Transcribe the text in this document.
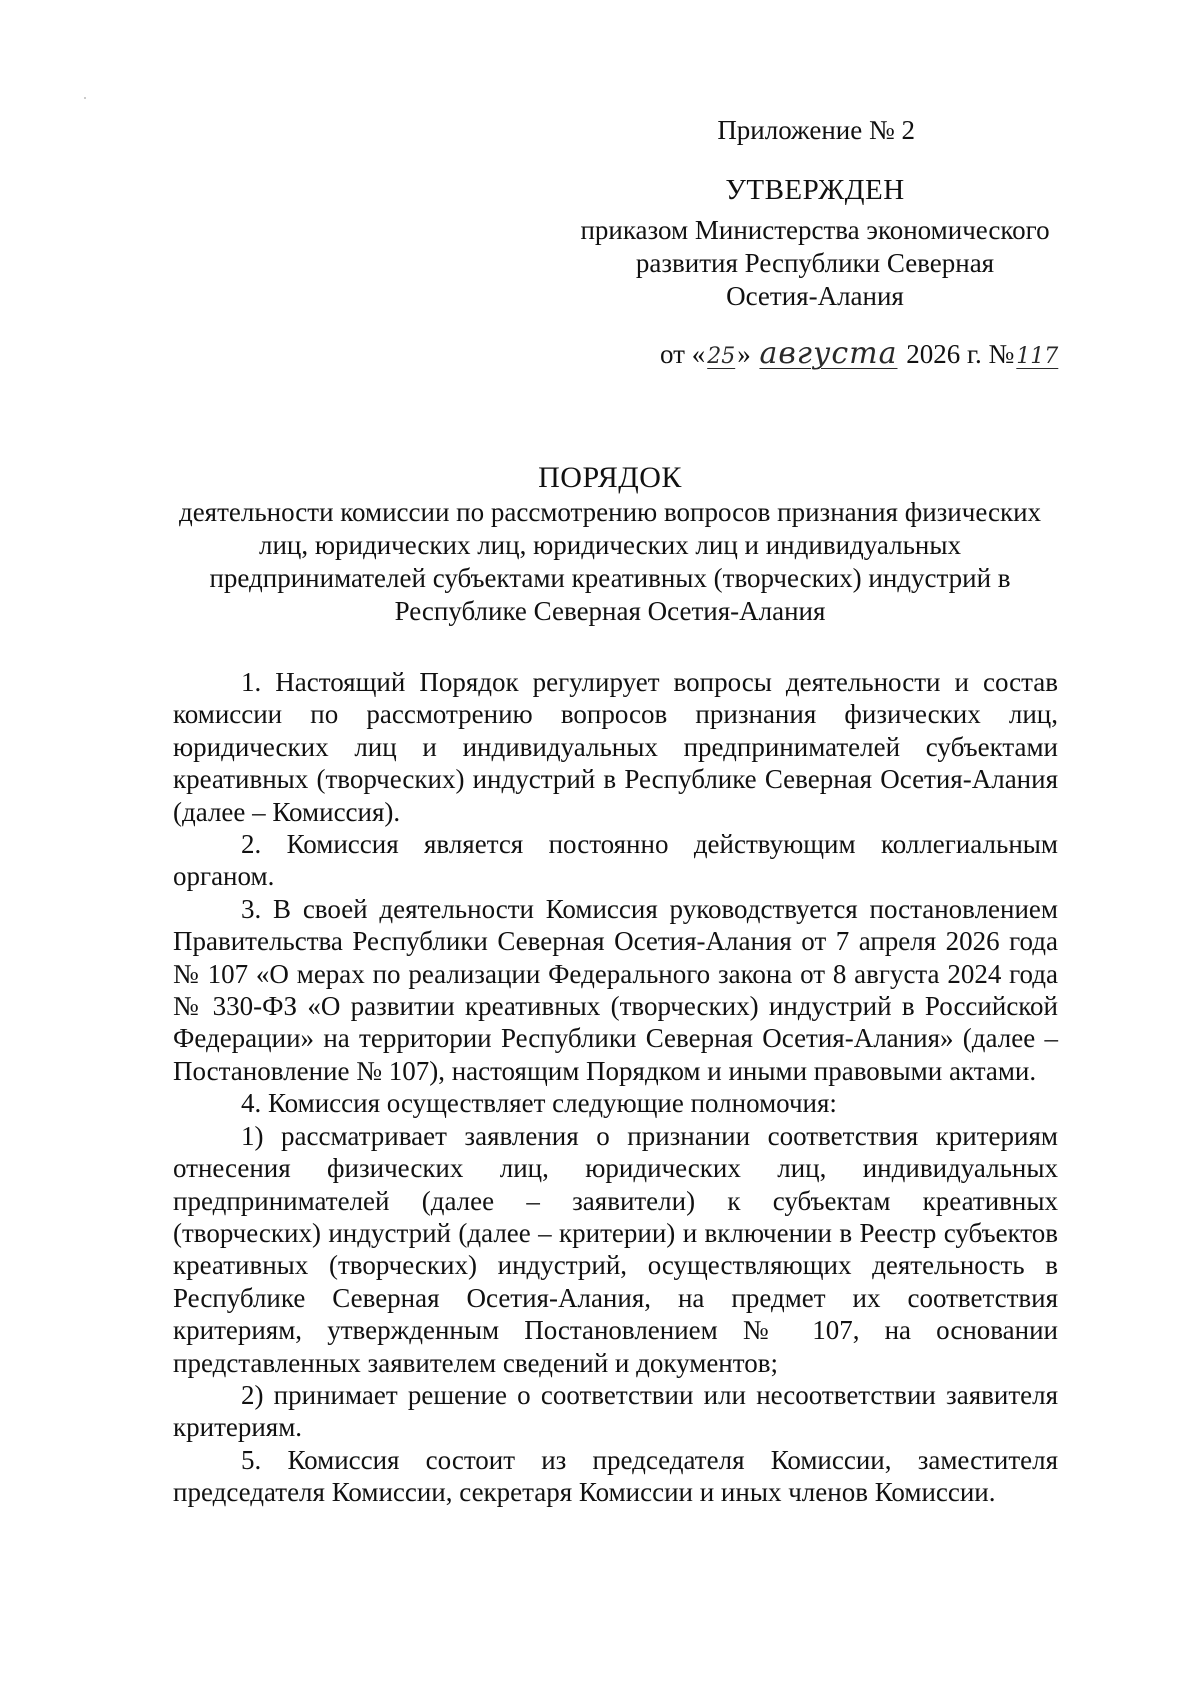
Приложение № 2
УТВЕРЖДЕН
приказом Министерства экономического
развития Республики Северная
Осетия-Алания
от «25» августа 2026 г. №117
ПОРЯДОК
деятельности комиссии по рассмотрению вопросов признания физических
лиц, юридических лиц, юридических лиц и индивидуальных
предпринимателей субъектами креативных (творческих) индустрий в
Республике Северная Осетия-Алания

1. Настоящий Порядок регулирует вопросы деятельности и состав комиссии по рассмотрению вопросов признания физических лиц, юридических лиц и индивидуальных предпринимателей субъектами креативных (творческих) индустрий в Республике Северная Осетия-Алания (далее – Комиссия).

2. Комиссия является постоянно действующим коллегиальным органом.

3. В своей деятельности Комиссия руководствуется постановлением Правительства Республики Северная Осетия-Алания от 7 апреля 2026 года № 107 «О мерах по реализации Федерального закона от 8 августа 2024 года № 330-ФЗ «О развитии креативных (творческих) индустрий в Российской Федерации» на территории Республики Северная Осетия-Алания» (далее – Постановление № 107), настоящим Порядком и иными правовыми актами.

4. Комиссия осуществляет следующие полномочия:

1) рассматривает заявления о признании соответствия критериям отнесения физических лиц, юридических лиц, индивидуальных предпринимателей (далее – заявители) к субъектам креативных (творческих) индустрий (далее – критерии) и включении в Реестр субъектов креативных (творческих) индустрий, осуществляющих деятельность в Республике Северная Осетия-Алания, на предмет их соответствия критериям, утвержденным Постановлением № 107, на основании представленных заявителем сведений и документов;

2) принимает решение о соответствии или несоответствии заявителя критериям.

5. Комиссия состоит из председателя Комиссии, заместителя председателя Комиссии, секретаря Комиссии и иных членов Комиссии.
